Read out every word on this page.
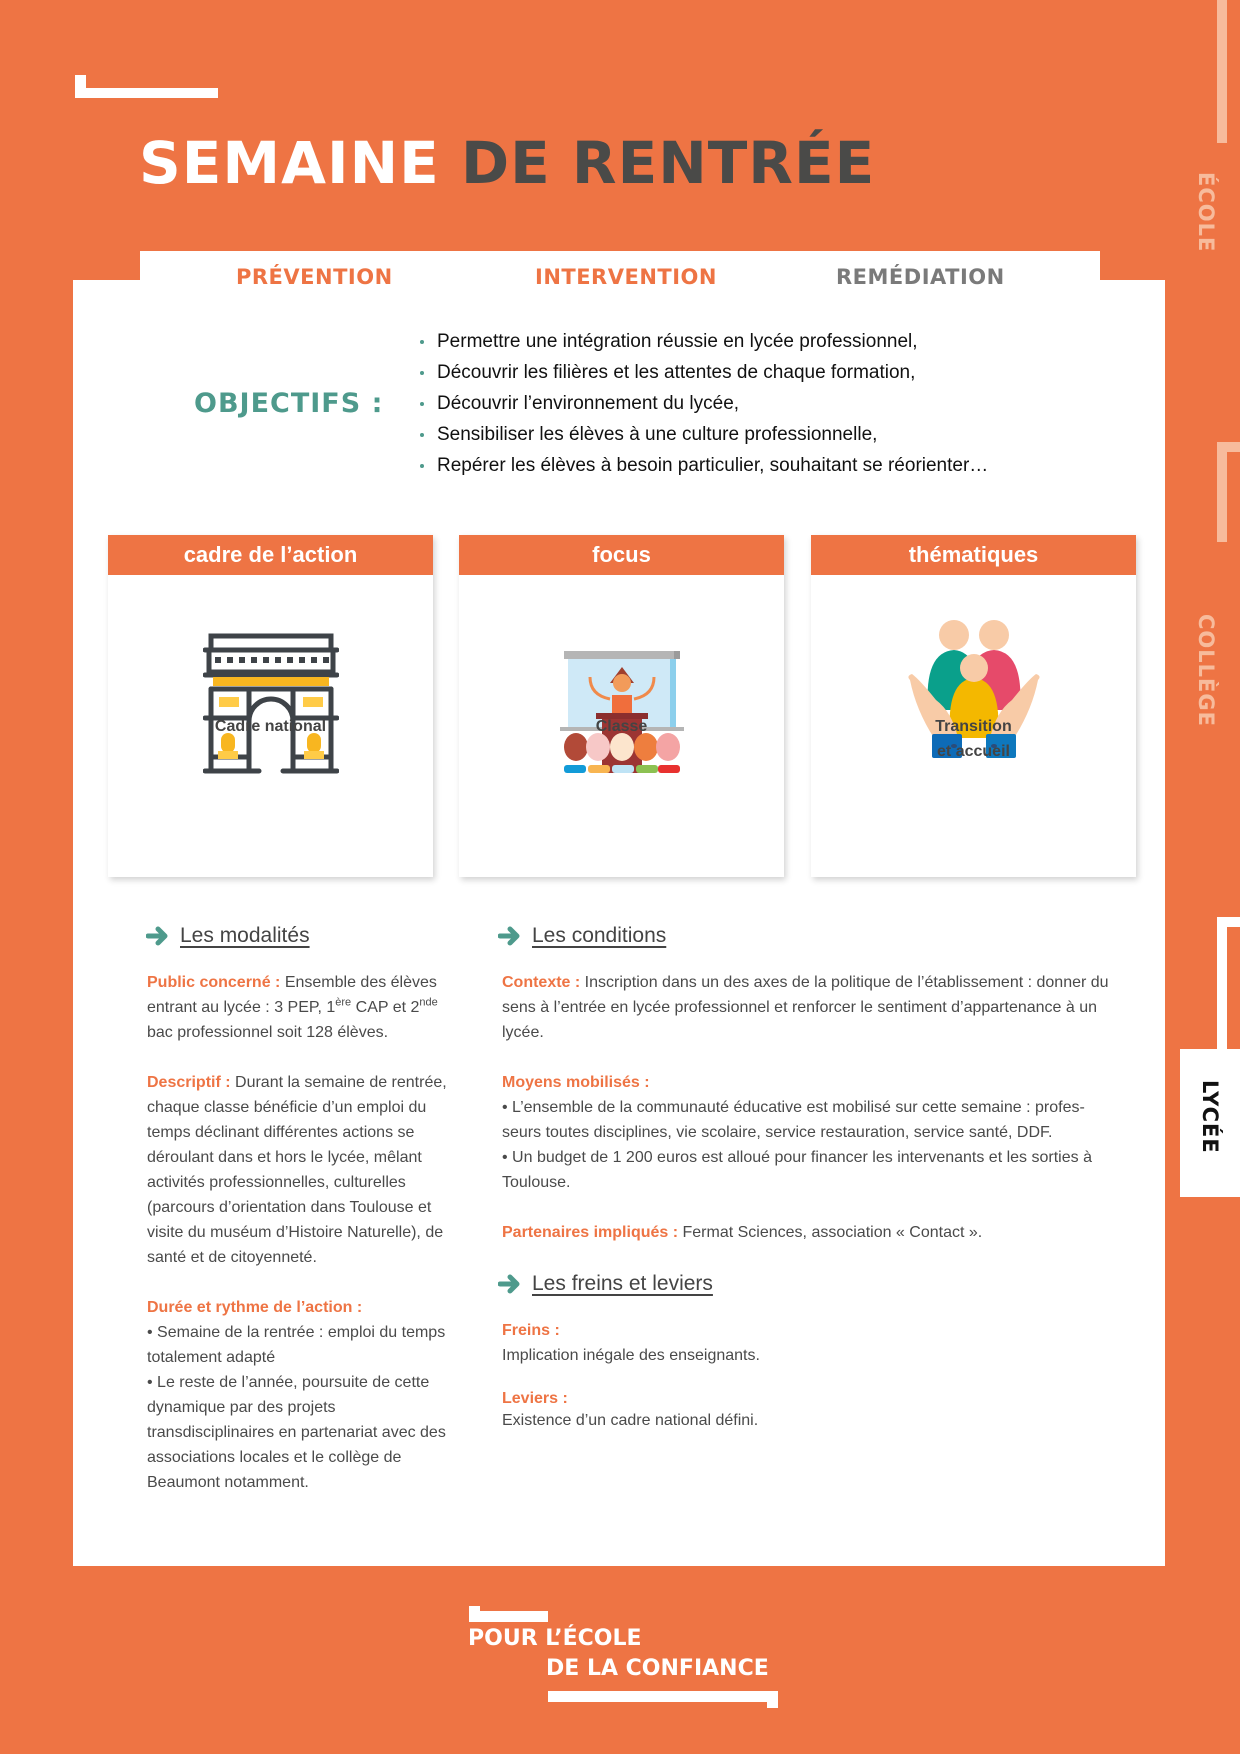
SEMAINE DE RENTRÉE
ÉCOLE
COLLÈGE
LYCÉE
PRÉVENTION	INTERVENTION	REMÉDIATION
OBJECTIFS :
Permettre une intégration réussie en lycée professionnel,
Découvrir les filières et les attentes de chaque formation,
Découvrir l’environnement du lycée,
Sensibiliser les élèves à une culture professionnelle,
Repérer les élèves à besoin particulier, souhaitant se réorienter…
cadre de l’action
Cadre national
focus
Classe
thématiques
Transition
et accueil
Les modalités
Public concerné : Ensemble des élèves entrant au lycée : 3 PEP, 1ère CAP et 2nde bac professionnel soit 128 élèves.
Descriptif : Durant la semaine de rentrée, chaque classe bénéficie d’un emploi du temps déclinant différentes actions se déroulant dans et hors le lycée, mêlant activités professionnelles, culturelles (parcours d’orientation dans Toulouse et visite du muséum d’Histoire Naturelle), de santé et de citoyenneté.
Durée et rythme de l’action :
• Semaine de la rentrée : emploi du temps totalement adapté
• Le reste de l’année, poursuite de cette dynamique par des projets transdisciplinaires en partenariat avec des associations locales et le collège de Beaumont notamment.
Les conditions
Contexte : Inscription dans un des axes de la politique de l’établissement : donner du sens à l’entrée en lycée professionnel et renforcer le sentiment d’appartenance à un lycée.
Moyens mobilisés :
• L’ensemble de la communauté éducative est mobilisé sur cette semaine : profes-seurs toutes disciplines, vie scolaire, service restauration, service santé, DDF.
• Un budget de 1 200 euros est alloué pour financer les intervenants et les sorties à Toulouse.
Partenaires impliqués : Fermat Sciences, association « Contact ».
Les freins et leviers
Freins :
Implication inégale des enseignants.
Leviers :
Existence d’un cadre national défini.
POUR L’ÉCOLE
DE LA CONFIANCE
